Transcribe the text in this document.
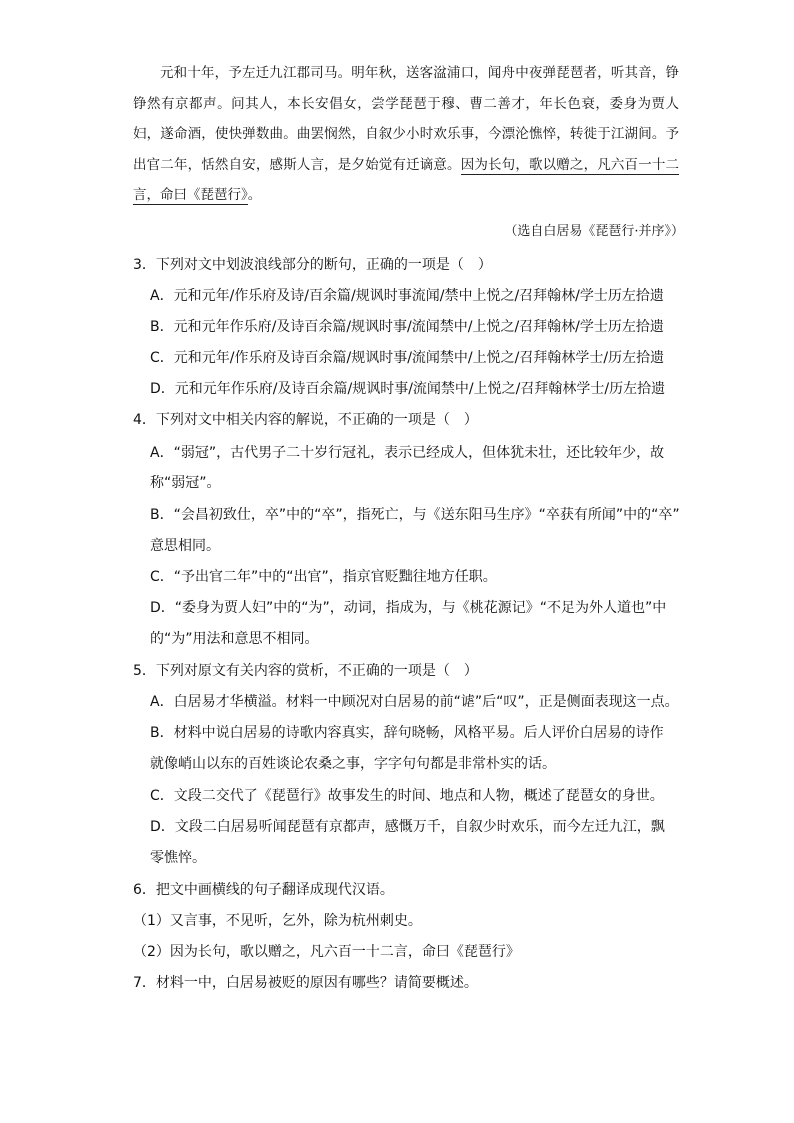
元和十年，予左迁九江郡司马。明年秋，送客湓浦口，闻舟中夜弹琵琶者，听其音，铮铮然有京都声。问其人，本长安倡女，尝学琵琶于穆、曹二善才，年长色衰，委身为贾人妇，遂命酒，使快弹数曲。曲罢悯然，自叙少小时欢乐事，今漂沦憔悴，转徙于江湖间。予出官二年，恬然自安，感斯人言，是夕始觉有迁谪意。因为长句，歌以赠之，凡六百一十二言，命曰《琵琶行》。

（选自白居易《琵琶行·并序》）
3．下列对文中划波浪线部分的断句，正确的一项是（　）
A．元和元年/作乐府及诗/百余篇/规讽时事流闻/禁中上悦之/召拜翰林/学士历左拾遗
B．元和元年作乐府/及诗百余篇/规讽时事/流闻禁中/上悦之/召拜翰林/学士历左拾遗
C．元和元年/作乐府及诗百余篇/规讽时事/流闻禁中/上悦之/召拜翰林学士/历左拾遗
D．元和元年作乐府/及诗百余篇/规讽时事/流闻禁中/上悦之/召拜翰林学士/历左拾遗
4．下列对文中相关内容的解说，不正确的一项是（　）
A．“弱冠”，古代男子二十岁行冠礼，表示已经成人，但体犹未壮，还比较年少，故
称“弱冠”。
B．“会昌初致仕，卒”中的“卒”，指死亡，与《送东阳马生序》“卒获有所闻”中的“卒”
意思相同。
C．“予出官二年”中的“出官”，指京官贬黜往地方任职。
D．“委身为贾人妇”中的“为”，动词，指成为，与《桃花源记》“不足为外人道也”中
的“为”用法和意思不相同。
5．下列对原文有关内容的赏析，不正确的一项是（　）
A．白居易才华横溢。材料一中顾况对白居易的前“谑”后“叹”，正是侧面表现这一点。
B．材料中说白居易的诗歌内容真实，辞句晓畅，风格平易。后人评价白居易的诗作
就像峭山以东的百姓谈论农桑之事，字字句句都是非常朴实的话。
C．文段二交代了《琵琶行》故事发生的时间、地点和人物，概述了琵琶女的身世。
D．文段二白居易听闻琵琶有京都声，感慨万千，自叙少时欢乐，而今左迁九江，飘
零憔悴。
6．把文中画横线的句子翻译成现代汉语。
（1）又言事，不见听，乞外，除为杭州刺史。
（2）因为长句，歌以赠之，凡六百一十二言，命曰《琵琶行》
7．材料一中，白居易被贬的原因有哪些？请简要概述。
